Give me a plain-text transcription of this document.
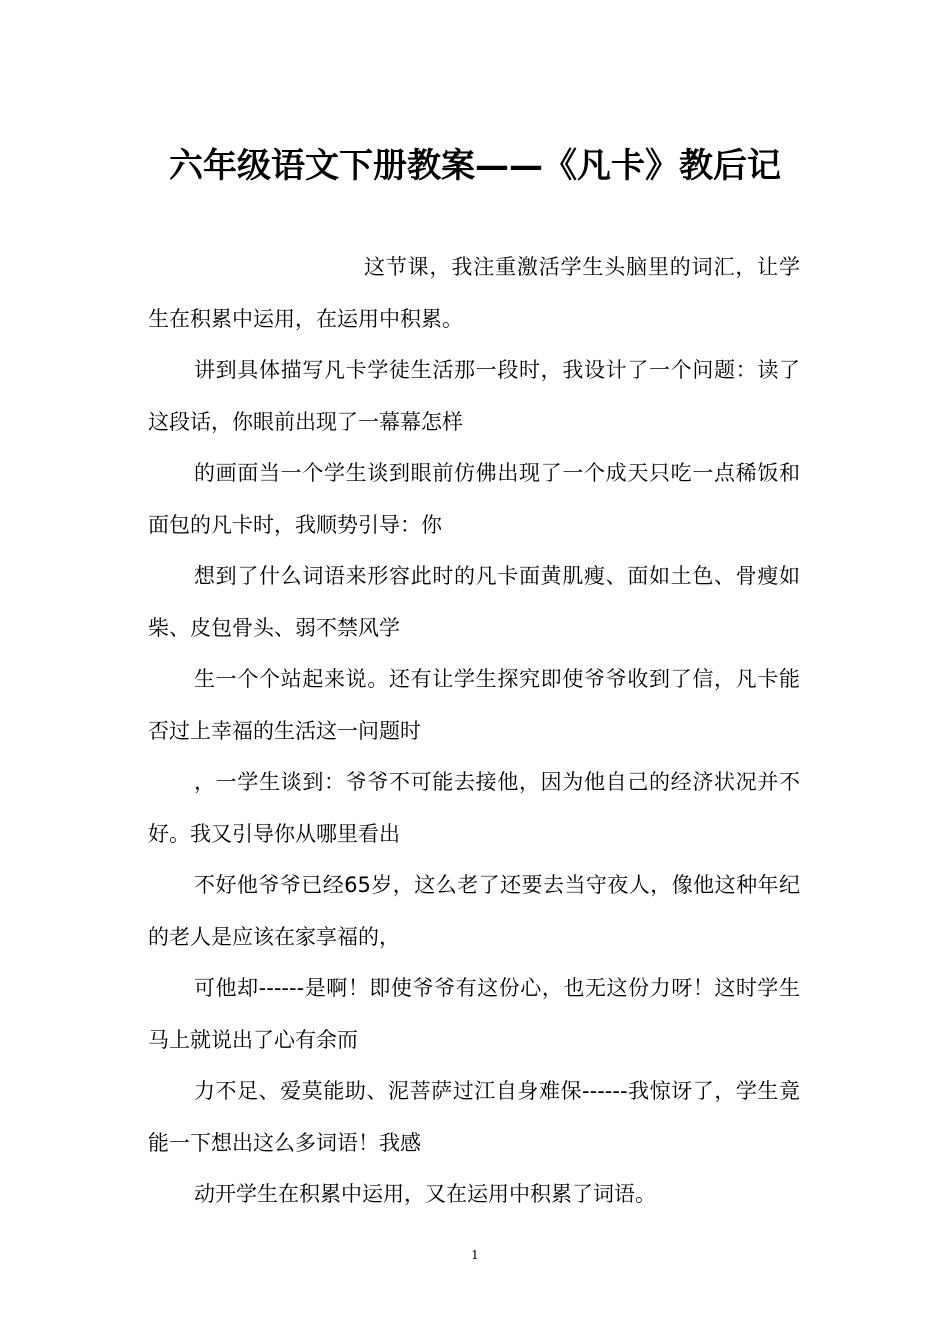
六年级语文下册教案——《凡卡》教后记

这节课，我注重激活学生头脑里的词汇，让学生在积累中运用，在运用中积累。

讲到具体描写凡卡学徒生活那一段时，我设计了一个问题：读了这段话，你眼前出现了一幕幕怎样

的画面当一个学生谈到眼前仿佛出现了一个成天只吃一点稀饭和面包的凡卡时，我顺势引导：你

想到了什么词语来形容此时的凡卡面黄肌瘦、面如土色、骨瘦如柴、皮包骨头、弱不禁风学

生一个个站起来说。还有让学生探究即使爷爷收到了信，凡卡能否过上幸福的生活这一问题时

，一学生谈到：爷爷不可能去接他，因为他自己的经济状况并不好。我又引导你从哪里看出

不好他爷爷已经65岁，这么老了还要去当守夜人，像他这种年纪的老人是应该在家享福的，

可他却------是啊！即使爷爷有这份心，也无这份力呀！这时学生马上就说出了心有余而

力不足、爱莫能助、泥菩萨过江自身难保------我惊讶了，学生竟能一下想出这么多词语！我感

动开学生在积累中运用，又在运用中积累了词语。

1
